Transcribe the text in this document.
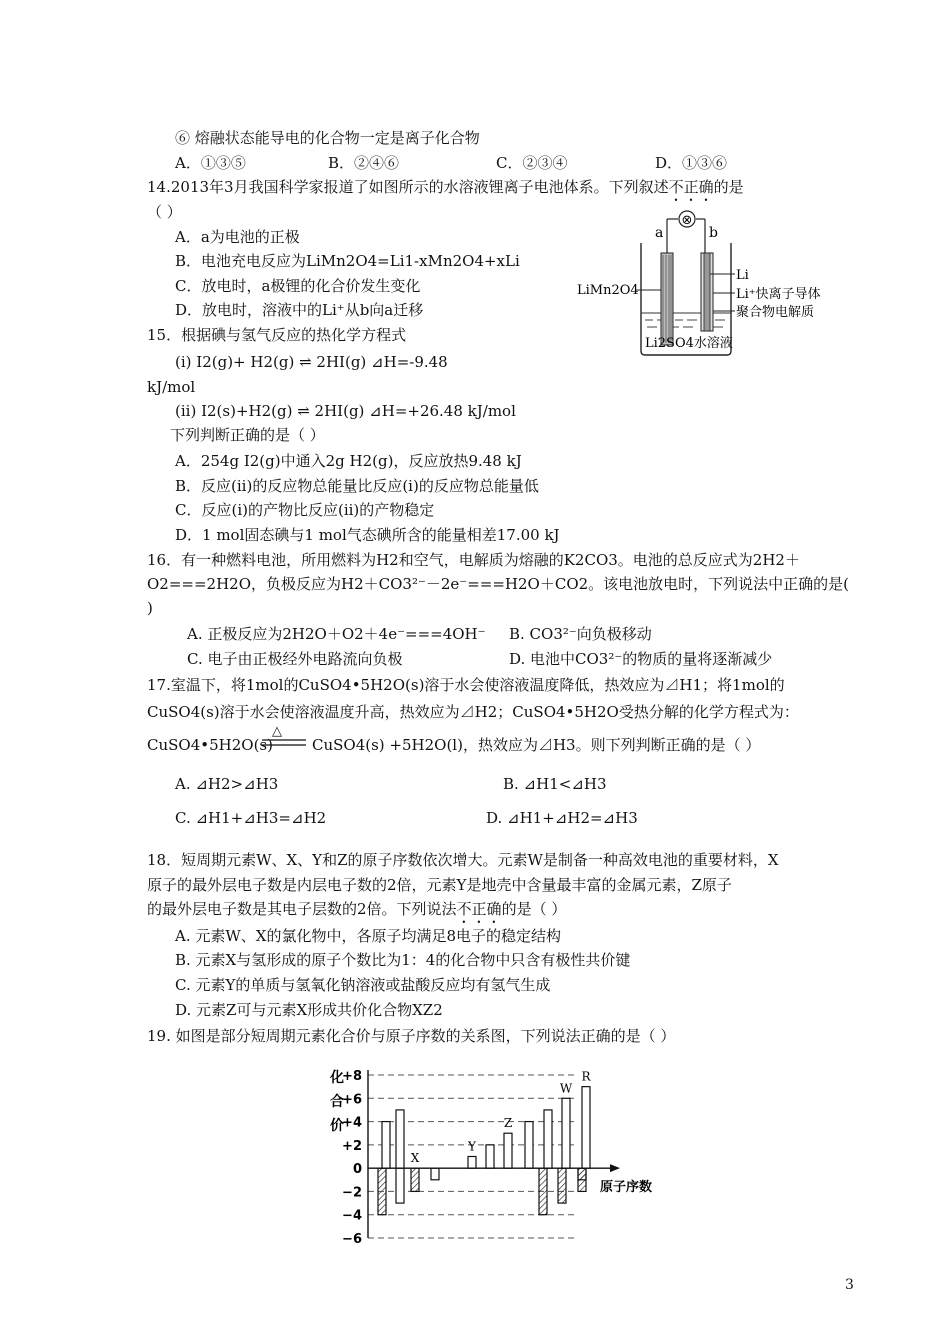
⑥ 熔融状态能导电的化合物一定是离子化合物
A．①③⑤	B．②④⑥	C．②③④	D．①③⑥
14.2013年3月我国科学家报道了如图所示的水溶液锂离子电池体系。下列叙述不正确的是
（ ）
A．a为电池的正极
B．电池充电反应为LiMn2O4=Li1-xMn2O4+xLi
C．放电时，a极锂的化合价发生变化
D．放电时，溶液中的Li⁺从b向a迁移
⊗
a	b
LiMn2O4
Li
Li⁺快离子导体
聚合物电解质
Li2SO4水溶液
15．根据碘与氢气反应的热化学方程式
(i) I2(g)+ H2(g) ⇌ 2HI(g) ⊿H=-9.48
kJ/mol
(ii) I2(s)+H2(g) ⇌ 2HI(g) ⊿H=+26.48 kJ/mol
下列判断正确的是（ ）
A．254g I2(g)中通入2g H2(g)，反应放热9.48 kJ
B．反应(ii)的反应物总能量比反应(i)的反应物总能量低
C．反应(i)的产物比反应(ii)的产物稳定
D．1 mol固态碘与1 mol气态碘所含的能量相差17.00 kJ
16．有一种燃料电池，所用燃料为H2和空气，电解质为熔融的K2CO3。电池的总反应式为2H2＋
O2===2H2O，负极反应为H2＋CO3²⁻－2e⁻===H2O＋CO2。该电池放电时，下列说法中正确的是(
)
A. 正极反应为2H2O＋O2＋4e⁻===4OH⁻ B. CO3²⁻向负极移动
C. 电子由正极经外电路流向负极	D. 电池中CO3²⁻的物质的量将逐渐减少
17.室温下，将1mol的CuSO4•5H2O(s)溶于水会使溶液温度降低，热效应为⊿H1；将1mol的
CuSO4(s)溶于水会使溶液温度升高，热效应为⊿H2；CuSO4•5H2O受热分解的化学方程式为：
CuSO4•5H2O(s)
△
CuSO4(s) +5H2O(l)，热效应为⊿H3。则下列判断正确的是（ ）
A. ⊿H2>⊿H3	B. ⊿H1<⊿H3
C. ⊿H1+⊿H3=⊿H2	D. ⊿H1+⊿H2=⊿H3
18．短周期元素W、X、Y和Z的原子序数依次增大。元素W是制备一种高效电池的重要材料，X
原子的最外层电子数是内层电子数的2倍，元素Y是地壳中含量最丰富的金属元素，Z原子
的最外层电子数是其电子层数的2倍。下列说法不正确的是（ ）
A. 元素W、X的氯化物中，各原子均满足8电子的稳定结构
B. 元素X与氢形成的原子个数比为1：4的化合物中只含有极性共价键
C. 元素Y的单质与氢氧化钠溶液或盐酸反应均有氢气生成
D. 元素Z可与元素X形成共价化合物XZ2
19. 如图是部分短周期元素化合价与原子序数的关系图，下列说法正确的是（ ）
X
Y
Z
W
R
+8
+6
+4
+2
0
−2
−4
−6
化合价
原子序数
3
